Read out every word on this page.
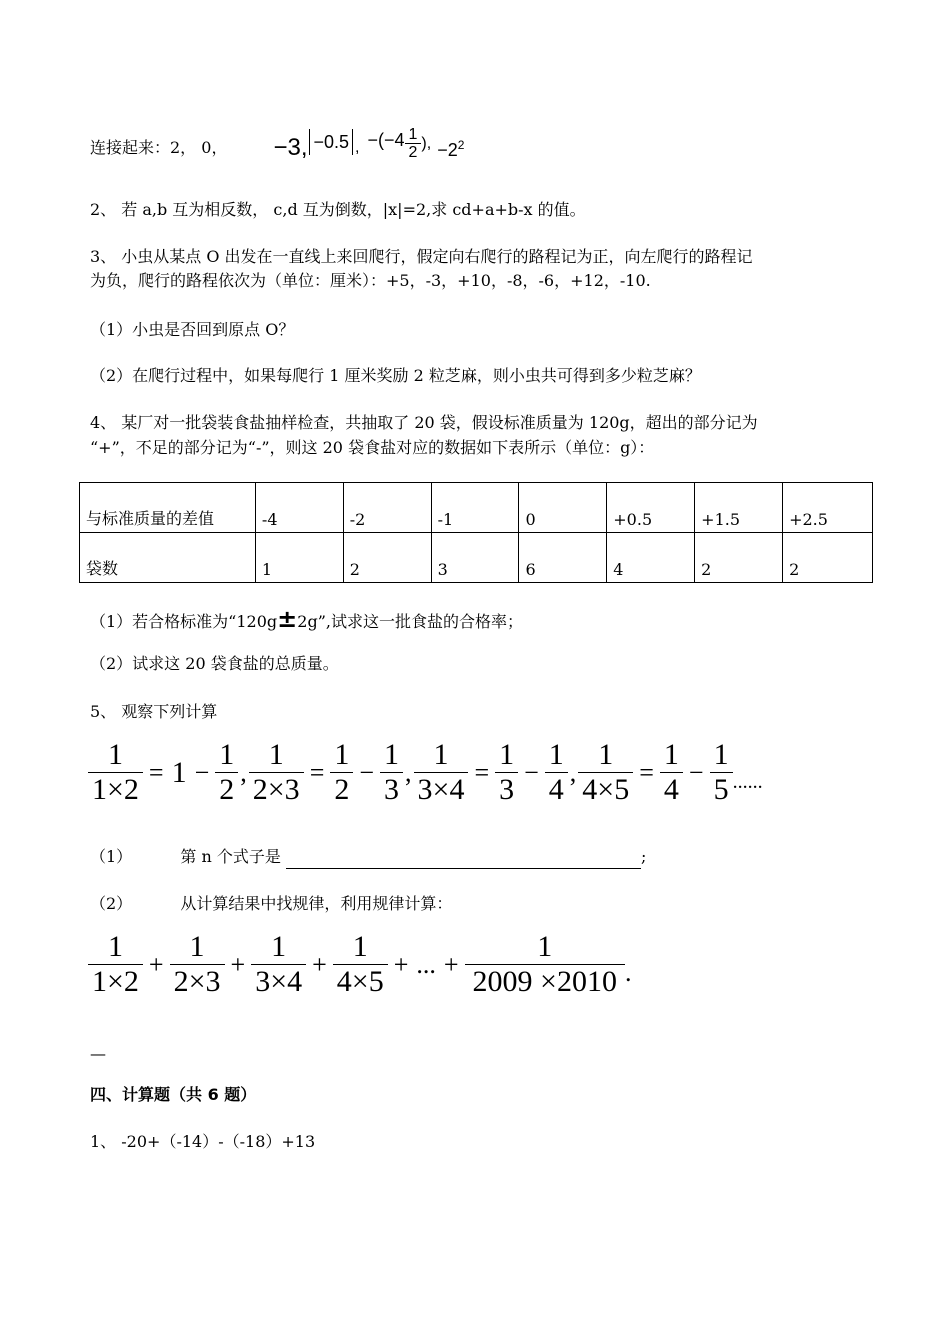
连接起来：2， 0， −3, −0.5 , $-(-4 \frac{1}{2}$ ), $-2^2$
2、 若 a,b 互为相反数， c,d 互为倒数，|x|=2,求 cd+a+b-x 的值。
3、 小虫从某点 O 出发在一直线上来回爬行，假定向右爬行的路程记为正，向左爬行的路程记
为负，爬行的路程依次为（单位：厘米）：+5，-3，+10，-8，-6，+12，-10.
（1）小虫是否回到原点 O？
（2）在爬行过程中，如果每爬行 1 厘米奖励 2 粒芝麻，则小虫共可得到多少粒芝麻？
4、 某厂对一批袋装食盐抽样检查，共抽取了 20 袋，假设标准质量为 120g，超出的部分记为
“+”，不足的部分记为“-”，则这 20 袋食盐对应的数据如下表所示（单位：g）：
与标准质量的差值	-4	-2	-1	0	+0.5	+1.5	+2.5
袋数	1	2	3	6	4	2	2
（1）若合格标准为“120g±2g”,试求这一批食盐的合格率；
（2）试求这 20 袋食盐的总质量。
5、 观察下列计算
$\frac{1}{1\times 2} = 1 - \frac{1}{2}$ , $\frac{1}{2\times 3} = \frac{1}{2} - \frac{1}{3}$ , $\frac{1}{3\times 4} = \frac{1}{3} - \frac{1}{4}$ , $\frac{1}{4\times 5} = \frac{1}{4} - \frac{1}{5}$ ......
（1）	第 n 个式子是	;
（2）	从计算结果中找规律，利用规律计算：
$\frac{1}{1\times 2} + \frac{1}{2\times 3} + \frac{1}{3\times 4} + \frac{1}{4\times 5}$ + ... + $\frac{1}{2009 \times 2010}$ .
—
四、计算题（共 6 题）
1、 -20+（-14）-（-18）+13
